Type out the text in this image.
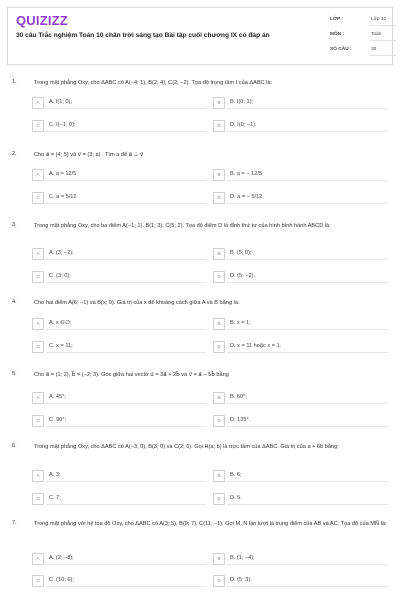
QUIZIZZ
30 câu Trắc nghiệm Toán 10 chân trời sáng tạo Bài tập cuối chương IX có đáp án
LỚP :	Lớp 10
MÔN :	Toán
SỐ CÂU :	30
1.	Trong mặt phẳng Oxy, cho ΔABC có A(−4; 1), B(2; 4), C(2; −2). Tọa độ trọng tâm I của ΔABC là:
A	A. I(1; 0);	B	B. I(0; 1);
C	C. I(−1; 0);	D	D. I(0; −1).
2.	Cho a⃗ = (4; 5) và v⃗ = (3; a) . Tìm a để a⃗ ⊥ v⃗
A	A. a = 12/5	B	B. a = − 12/5
C	C. a = 5/12	D	D. a = − 5/12
3.	Trong mặt phẳng Oxy, cho ba điểm A(−1; 1), B(1; 3), C(5; 2). Tọa độ điểm D là đỉnh thứ tư của hình bình hành ABCD là:
A	A. (3; −2);	B	B. (5; 0);
C	C. (3; 0);	D	D. (5; −2).
4.	Cho hai điểm A(6; −1) và B(x; 9). Giá trị của x để khoảng cách giữa A và B bằng là:
A	A. x ∈∅;	B	B. x = 1;
C	C. x = 11;	D	D. x = 11 hoặc x = 1.
5.	Cho a⃗ = (1; 2), b⃗ = (−2; 3). Góc giữa hai vectơ u⃗ = 3a⃗ + 2b⃗ và v⃗ = a⃗ − 5b⃗ bằng
A	A. 45°;	B	B. 60°;
C	C. 90°;	D	D. 135°.
6.	Trong mặt phẳng Oxy, cho ΔABC có A(−3; 0), B(3; 0) và C(2; 6). Gọi H(a; b) là trực tâm của ΔABC. Giá trị của a + 6b bằng:
A	A. 3;	B	B. 6;
C	C. 7;	D	D. 5.
7.	Trong mặt phẳng với hệ tọa độ Oxy, cho ΔABC có A(3; 5), B(9; 7), C(11; −1). Gọi M, N lần lượt là trung điểm của AB và AC. Tọa độ của MN⃗ là:
A	A. (2; −8);	B	B. (1; −4);
C	C. (10; 6);	D	D. (5; 3).
